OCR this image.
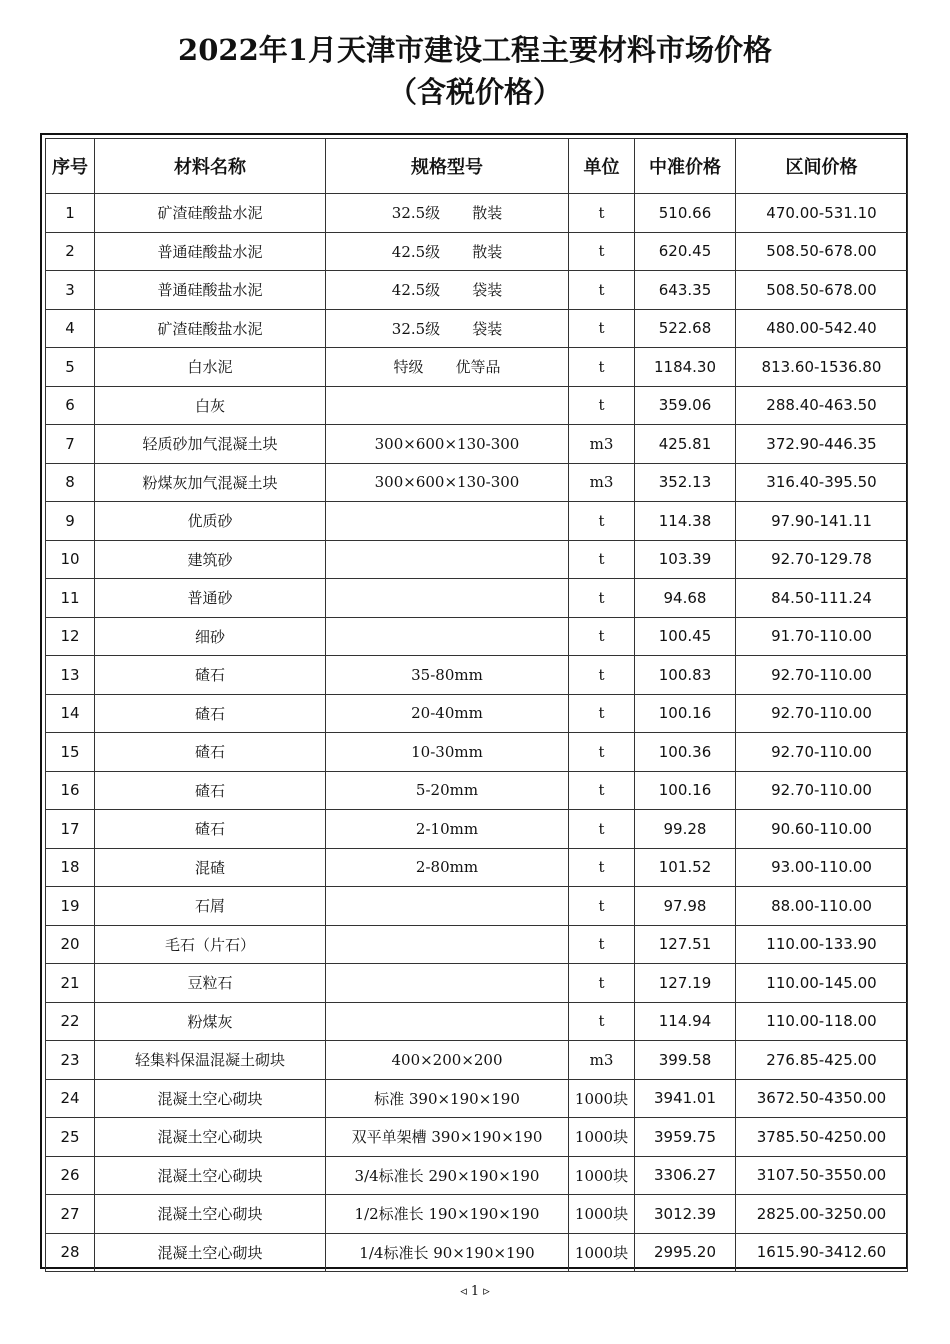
2022年1月天津市建设工程主要材料市场价格
（含税价格）
序号	材料名称	规格型号	单位	中准价格	区间价格
1	矿渣硅酸盐水泥	32.5级 散装	t	510.66	470.00-531.10
2	普通硅酸盐水泥	42.5级 散装	t	620.45	508.50-678.00
3	普通硅酸盐水泥	42.5级 袋装	t	643.35	508.50-678.00
4	矿渣硅酸盐水泥	32.5级 袋装	t	522.68	480.00-542.40
5	白水泥	特级 优等品	t	1184.30	813.60-1536.80
6	白灰		t	359.06	288.40-463.50
7	轻质砂加气混凝土块	300×600×130-300	m3	425.81	372.90-446.35
8	粉煤灰加气混凝土块	300×600×130-300	m3	352.13	316.40-395.50
9	优质砂		t	114.38	97.90-141.11
10	建筑砂		t	103.39	92.70-129.78
11	普通砂		t	94.68	84.50-111.24
12	细砂		t	100.45	91.70-110.00
13	碴石	35-80mm	t	100.83	92.70-110.00
14	碴石	20-40mm	t	100.16	92.70-110.00
15	碴石	10-30mm	t	100.36	92.70-110.00
16	碴石	5-20mm	t	100.16	92.70-110.00
17	碴石	2-10mm	t	99.28	90.60-110.00
18	混碴	2-80mm	t	101.52	93.00-110.00
19	石屑		t	97.98	88.00-110.00
20	毛石（片石）		t	127.51	110.00-133.90
21	豆粒石		t	127.19	110.00-145.00
22	粉煤灰		t	114.94	110.00-118.00
23	轻集料保温混凝土砌块	400×200×200	m3	399.58	276.85-425.00
24	混凝土空心砌块	标准 390×190×190	1000块	3941.01	3672.50-4350.00
25	混凝土空心砌块	双平单架槽 390×190×190	1000块	3959.75	3785.50-4250.00
26	混凝土空心砌块	3/4标准长 290×190×190	1000块	3306.27	3107.50-3550.00
27	混凝土空心砌块	1/2标准长 190×190×190	1000块	3012.39	2825.00-3250.00
28	混凝土空心砌块	1/4标准长 90×190×190	1000块	2995.20	1615.90-3412.60
◃ 1 ▹
